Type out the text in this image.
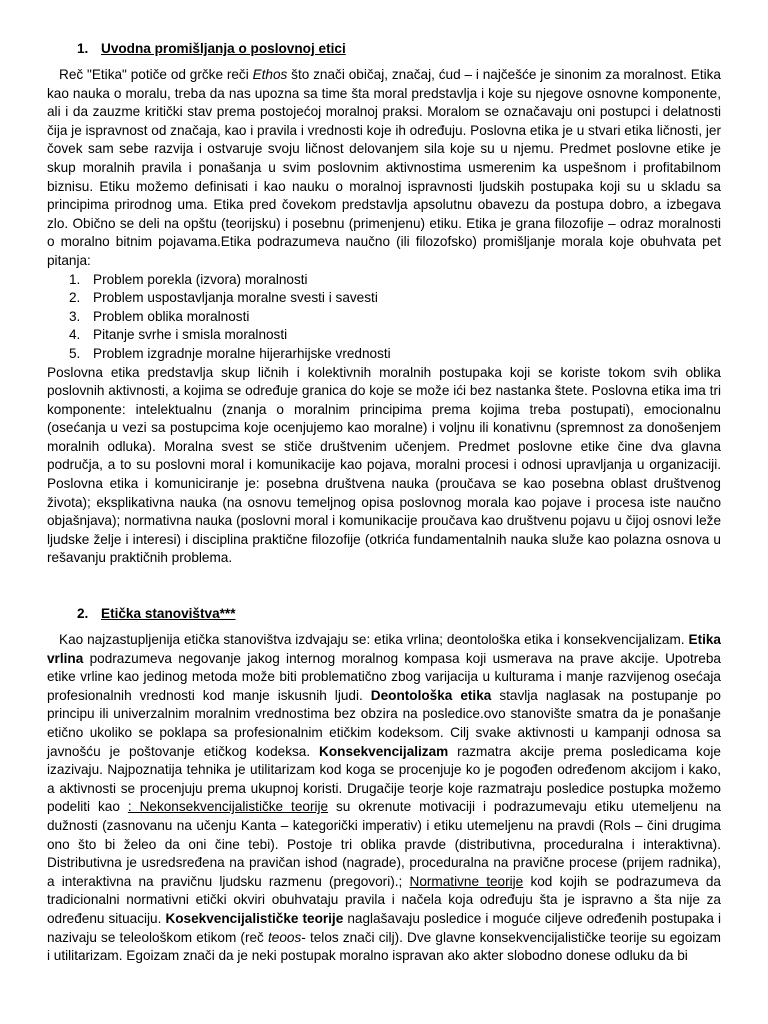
1. Uvodna promišljanja o poslovnoj etici

Reč "Etika" potiče od grčke reči Ethos što znači običaj, značaj, ćud – i najčešće je sinonim za moralnost. Etika kao nauka o moralu, treba da nas upozna sa time šta moral predstavlja i koje su njegove osnovne komponente, ali i da zauzme kritički stav prema postojećoj moralnoj praksi. Moralom se označavaju oni postupci i delatnosti čija je ispravnost od značaja, kao i pravila i vrednosti koje ih određuju. Poslovna etika je u stvari etika ličnosti, jer čovek sam sebe razvija i ostvaruje svoju ličnost delovanjem sila koje su u njemu. Predmet poslovne etike je skup moralnih pravila i ponašanja u svim poslovnim aktivnostima usmerenim ka uspešnom i profitabilnom biznisu. Etiku možemo definisati i kao nauku o moralnoj ispravnosti ljudskih postupaka koji su u skladu sa principima prirodnog uma. Etika pred čovekom predstavlja apsolutnu obavezu da postupa dobro, a izbegava zlo. Obično se deli na opštu (teorijsku) i posebnu (primenjenu) etiku. Etika je grana filozofije – odraz moralnosti o moralno bitnim pojavama.Etika podrazumeva naučno (ili filozofsko) promišljanje morala koje obuhvata pet pitanja:

1. Problem porekla (izvora) moralnosti
2. Problem uspostavljanja moralne svesti i savesti
3. Problem oblika moralnosti
4. Pitanje svrhe i smisla moralnosti
5. Problem izgradnje moralne hijerarhijske vrednosti

Poslovna etika predstavlja skup ličnih i kolektivnih moralnih postupaka koji se koriste tokom svih oblika poslovnih aktivnosti, a kojima se određuje granica do koje se može ići bez nastanka štete. Poslovna etika ima tri komponente: intelektualnu (znanja o moralnim principima prema kojima treba postupati), emocionalnu (osećanja u vezi sa postupcima koje ocenjujemo kao moralne) i voljnu ili konativnu (spremnost za donošenjem moralnih odluka). Moralna svest se stiče društvenim učenjem. Predmet poslovne etike čine dva glavna područja, a to su poslovni moral i komunikacije kao pojava, moralni procesi i odnosi upravljanja u organizaciji. Poslovna etika i komuniciranje je: posebna društvena nauka (proučava se kao posebna oblast društvenog života); eksplikativna nauka (na osnovu temeljnog opisa poslovnog morala kao pojave i procesa iste naučno objašnjava); normativna nauka (poslovni moral i komunikacije proučava kao društvenu pojavu u čijoj osnovi leže ljudske želje i interesi) i disciplina praktične filozofije (otkrića fundamentalnih nauka služe kao polazna osnova u rešavanju praktičnih problema.

2. Etička stanovištva***

Kao najzastupljenija etička stanovištva izdvajaju se: etika vrlina; deontološka etika i konsekvencijalizam. Etika vrlina podrazumeva negovanje jakog internog moralnog kompasa koji usmerava na prave akcije. Upotreba etike vrline kao jedinog metoda može biti problematično zbog varijacija u kulturama i manje razvijenog osećaja profesionalnih vrednosti kod manje iskusnih ljudi. Deontološka etika stavlja naglasak na postupanje po principu ili univerzalnim moralnim vrednostima bez obzira na posledice.ovo stanovište smatra da je ponašanje etično ukoliko se poklapa sa profesionalnim etičkim kodeksom. Cilj svake aktivnosti u kampanji odnosa sa javnošću je poštovanje etičkog kodeksa. Konsekvencijalizam razmatra akcije prema posledicama koje izazivaju. Najpoznatija tehnika je utilitarizam kod koga se procenjuje ko je pogođen određenom akcijom i kako, a aktivnosti se procenjuju prema ukupnoj koristi. Drugačije teorje koje razmatraju posledice postupka možemo podeliti kao : Nekonsekvencijalističke teorije su okrenute motivaciji i podrazumevaju etiku utemeljenu na dužnosti (zasnovanu na učenju Kanta – kategorički imperativ) i etiku utemeljenu na pravdi (Rols – čini drugima ono što bi želeo da oni čine tebi). Postoje tri oblika pravde (distributivna, proceduralna i interaktivna). Distributivna je usredsređena na pravičan ishod (nagrade), proceduralna na pravične procese (prijem radnika), a interaktivna na pravičnu ljudsku razmenu (pregovori).; Normativne teorije kod kojih se podrazumeva da tradicionalni normativni etički okviri obuhvataju pravila i načela koja određuju šta je ispravno a šta nije za određenu situaciju. Kosekvencijalističke teorije naglašavaju posledice i moguće ciljeve određenih postupaka i nazivaju se teleološkom etikom (reč teoos- telos znači cilj). Dve glavne konsekvencijalističke teorije su egoizam i utilitarizam. Egoizam znači da je neki postupak moralno ispravan ako akter slobodno donese odluku da bi
